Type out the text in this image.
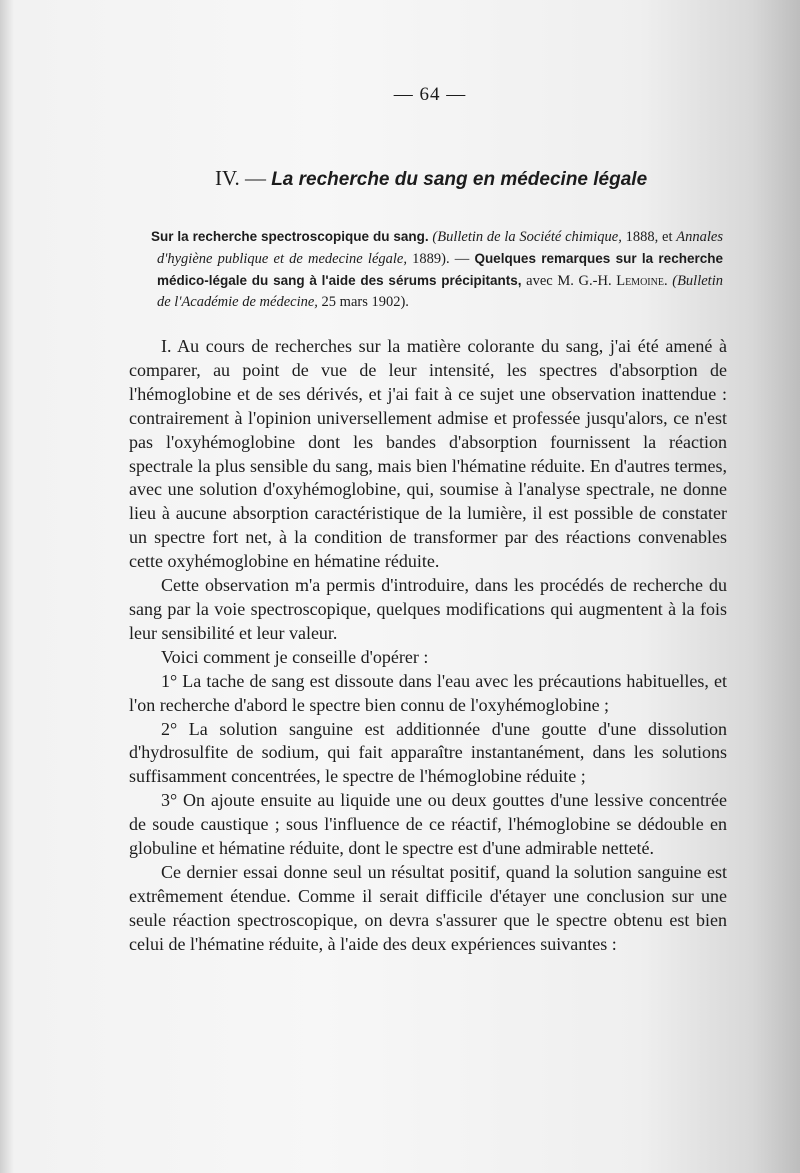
— 64 —
IV. — La recherche du sang en médecine légale

Sur la recherche spectroscopique du sang. (Bulletin de la Société chimique, 1888, et Annales d'hygiène publique et de medecine légale, 1889). — Quelques remarques sur la recherche médico-légale du sang à l'aide des sérums précipitants, avec M. G.-H. Lemoine. (Bulletin de l'Académie de médecine, 25 mars 1902).

I. Au cours de recherches sur la matière colorante du sang, j'ai été amené à comparer, au point de vue de leur intensité, les spectres d'absorption de l'hémoglobine et de ses dérivés, et j'ai fait à ce sujet une observation inattendue : contrairement à l'opinion universellement admise et professée jusqu'alors, ce n'est pas l'oxyhémoglobine dont les bandes d'absorption fournissent la réaction spectrale la plus sensible du sang, mais bien l'hématine réduite. En d'autres termes, avec une solution d'oxyhémoglobine, qui, soumise à l'analyse spectrale, ne donne lieu à aucune absorption caractéristique de la lumière, il est possible de constater un spectre fort net, à la condition de transformer par des réactions convenables cette oxyhémoglobine en hématine réduite.

Cette observation m'a permis d'introduire, dans les procédés de recherche du sang par la voie spectroscopique, quelques modifications qui augmentent à la fois leur sensibilité et leur valeur.

Voici comment je conseille d'opérer :

1° La tache de sang est dissoute dans l'eau avec les précautions habituelles, et l'on recherche d'abord le spectre bien connu de l'oxyhémoglobine ;

2° La solution sanguine est additionnée d'une goutte d'une dissolution d'hydrosulfite de sodium, qui fait apparaître instantanément, dans les solutions suffisamment concentrées, le spectre de l'hémoglobine réduite ;

3° On ajoute ensuite au liquide une ou deux gouttes d'une lessive concentrée de soude caustique ; sous l'influence de ce réactif, l'hémoglobine se dédouble en globuline et hématine réduite, dont le spectre est d'une admirable netteté.

Ce dernier essai donne seul un résultat positif, quand la solution sanguine est extrêmement étendue. Comme il serait difficile d'étayer une conclusion sur une seule réaction spectroscopique, on devra s'assurer que le spectre obtenu est bien celui de l'hématine réduite, à l'aide des deux expériences suivantes :
